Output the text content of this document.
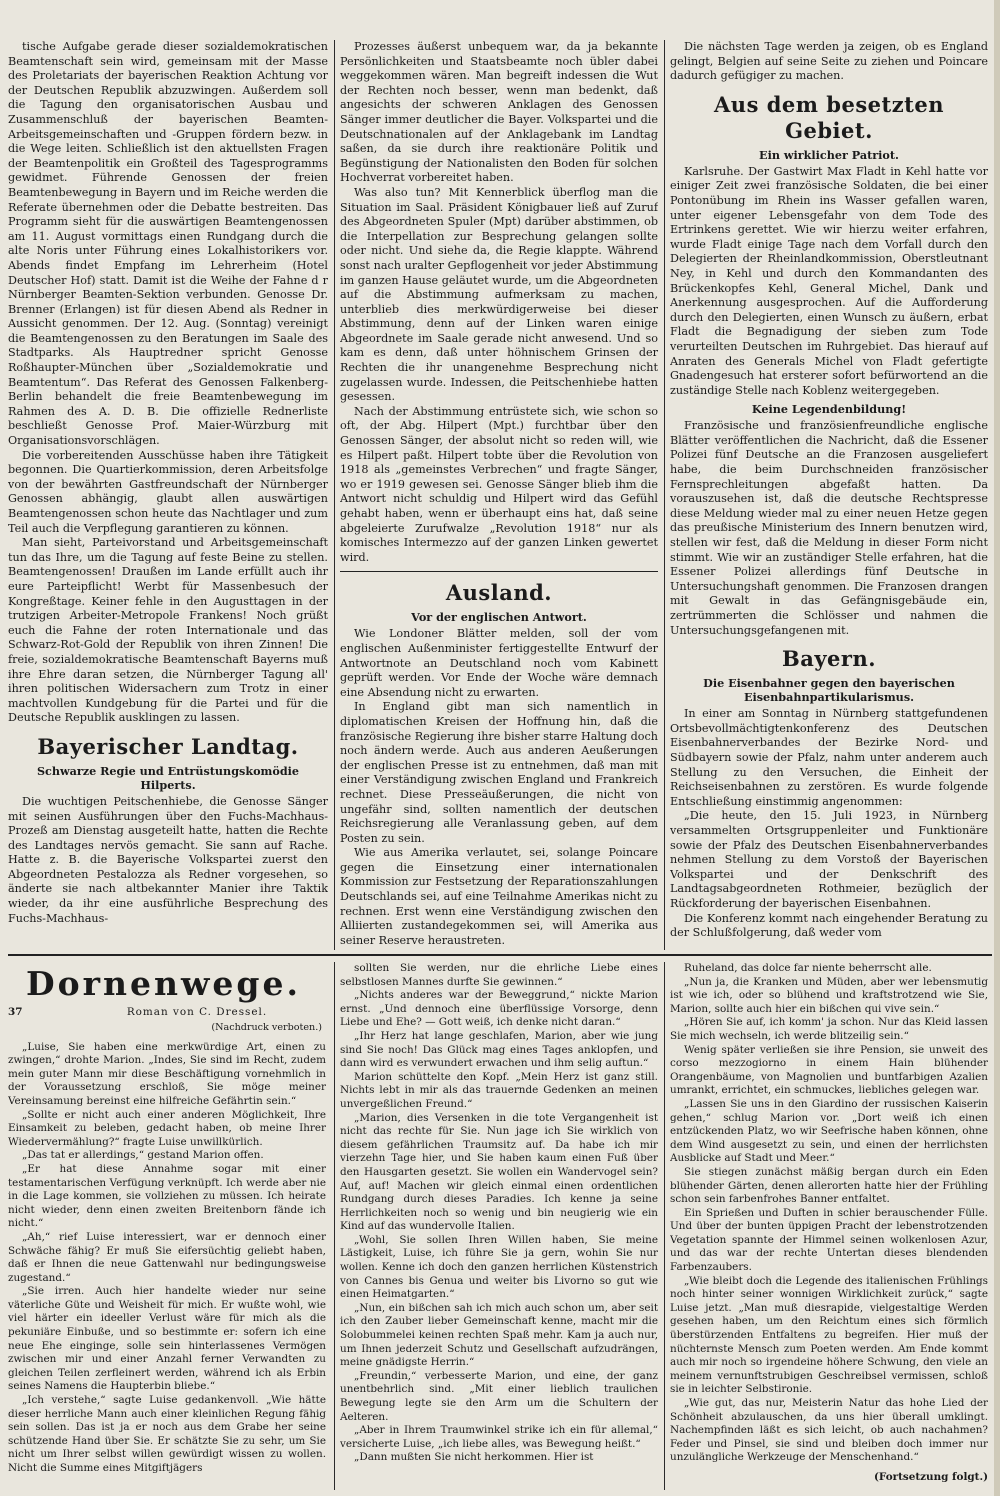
tische Aufgabe gerade dieser sozialdemokratischen Beamtenschaft sein wird, gemeinsam mit der Masse des Proletariats der bayerischen Reaktion Achtung vor der Deutschen Republik abzuzwingen. Außerdem soll die Tagung den organisatorischen Ausbau und Zusammenschluß der bayerischen Beamten-Arbeitsgemeinschaften und -Gruppen fördern bezw. in die Wege leiten. Schließlich ist den aktuellsten Fragen der Beamtenpolitik ein Großteil des Tagesprogramms gewidmet. Führende Genossen der freien Beamtenbewegung in Bayern und im Reiche werden die Referate übernehmen oder die Debatte bestreiten. Das Programm sieht für die auswärtigen Beamtengenossen am 11. August vormittags einen Rundgang durch die alte Noris unter Führung eines Lokalhistorikers vor. Abends findet Empfang im Lehrerheim (Hotel Deutscher Hof) statt. Damit ist die Weihe der Fahne d r Nürnberger Beamten-Sektion verbunden. Genosse Dr. Brenner (Erlangen) ist für diesen Abend als Redner in Aussicht genommen. Der 12. Aug. (Sonntag) vereinigt die Beamtengenossen zu den Beratungen im Saale des Stadtparks. Als Hauptredner spricht Genosse Roßhaupter-München über „Sozialdemokratie und Beamtentum“. Das Referat des Genossen Falkenberg-Berlin behandelt die freie Beamtenbewegung im Rahmen des A. D. B. Die offizielle Rednerliste beschließt Genosse Prof. Maier-Würzburg mit Organisationsvorschlägen.

Die vorbereitenden Ausschüsse haben ihre Tätigkeit begonnen. Die Quartierkommission, deren Arbeitsfolge von der bewährten Gastfreundschaft der Nürnberger Genossen abhängig, glaubt allen auswärtigen Beamtengenossen schon heute das Nachtlager und zum Teil auch die Verpflegung garantieren zu können.

Man sieht, Parteivorstand und Arbeitsgemeinschaft tun das Ihre, um die Tagung auf feste Beine zu stellen. Beamtengenossen! Draußen im Lande erfüllt auch ihr eure Parteipflicht! Werbt für Massenbesuch der Kongreßtage. Keiner fehle in den Augusttagen in der trutzigen Arbeiter-Metropole Frankens! Noch grüßt euch die Fahne der roten Internationale und das Schwarz-Rot-Gold der Republik von ihren Zinnen! Die freie, sozialdemokratische Beamtenschaft Bayerns muß ihre Ehre daran setzen, die Nürnberger Tagung all' ihren politischen Widersachern zum Trotz in einer machtvollen Kundgebung für die Partei und für die Deutsche Republik ausklingen zu lassen.

Bayerischer Landtag.
Schwarze Regie und Entrüstungskomödie Hilperts.

Die wuchtigen Peitschenhiebe, die Genosse Sänger mit seinen Ausführungen über den Fuchs-Machhaus-Prozeß am Dienstag ausgeteilt hatte, hatten die Rechte des Landtages nervös gemacht. Sie sann auf Rache. Hatte z. B. die Bayerische Volkspartei zuerst den Abgeordneten Pestalozza als Redner vorgesehen, so änderte sie nach altbekannter Manier ihre Taktik wieder, da ihr eine ausführliche Besprechung des Fuchs-Machhaus-

Prozesses äußerst unbequem war, da ja bekannte Persönlichkeiten und Staatsbeamte noch übler dabei weggekommen wären. Man begreift indessen die Wut der Rechten noch besser, wenn man bedenkt, daß angesichts der schweren Anklagen des Genossen Sänger immer deutlicher die Bayer. Volkspartei und die Deutschnationalen auf der Anklagebank im Landtag saßen, da sie durch ihre reaktionäre Politik und Begünstigung der Nationalisten den Boden für solchen Hochverrat vorbereitet haben.

Was also tun? Mit Kennerblick überflog man die Situation im Saal. Präsident Königbauer ließ auf Zuruf des Abgeordneten Spuler (Mpt) darüber abstimmen, ob die Interpellation zur Besprechung gelangen sollte oder nicht. Und siehe da, die Regie klappte. Während sonst nach uralter Gepflogenheit vor jeder Abstimmung im ganzen Hause geläutet wurde, um die Abgeordneten auf die Abstimmung aufmerksam zu machen, unterblieb dies merkwürdigerweise bei dieser Abstimmung, denn auf der Linken waren einige Abgeordnete im Saale gerade nicht anwesend. Und so kam es denn, daß unter höhnischem Grinsen der Rechten die ihr unangenehme Besprechung nicht zugelassen wurde. Indessen, die Peitschenhiebe hatten gesessen.

Nach der Abstimmung entrüstete sich, wie schon so oft, der Abg. Hilpert (Mpt.) furchtbar über den Genossen Sänger, der absolut nicht so reden will, wie es Hilpert paßt. Hilpert tobte über die Revolution von 1918 als „gemeinstes Verbrechen“ und fragte Sänger, wo er 1919 gewesen sei. Genosse Sänger blieb ihm die Antwort nicht schuldig und Hilpert wird das Gefühl gehabt haben, wenn er überhaupt eins hat, daß seine abgeleierte Zurufwalze „Revolution 1918“ nur als komisches Intermezzo auf der ganzen Linken gewertet wird.

Ausland.
Vor der englischen Antwort.

Wie Londoner Blätter melden, soll der vom englischen Außenminister fertiggestellte Entwurf der Antwortnote an Deutschland noch vom Kabinett geprüft werden. Vor Ende der Woche wäre demnach eine Absendung nicht zu erwarten.

In England gibt man sich namentlich in diplomatischen Kreisen der Hoffnung hin, daß die französische Regierung ihre bisher starre Haltung doch noch ändern werde. Auch aus anderen Aeußerungen der englischen Presse ist zu entnehmen, daß man mit einer Verständigung zwischen England und Frankreich rechnet. Diese Presseäußerungen, die nicht von ungefähr sind, sollten namentlich der deutschen Reichsregierung alle Veranlassung geben, auf dem Posten zu sein.

Wie aus Amerika verlautet, sei, solange Poincare gegen die Einsetzung einer internationalen Kommission zur Festsetzung der Reparationszahlungen Deutschlands sei, auf eine Teilnahme Amerikas nicht zu rechnen. Erst wenn eine Verständigung zwischen den Alliierten zustandegekommen sei, will Amerika aus seiner Reserve heraustreten.

Die nächsten Tage werden ja zeigen, ob es England gelingt, Belgien auf seine Seite zu ziehen und Poincare dadurch gefügiger zu machen.

Aus dem besetzten Gebiet.
Ein wirklicher Patriot.

Karlsruhe. Der Gastwirt Max Fladt in Kehl hatte vor einiger Zeit zwei französische Soldaten, die bei einer Pontonübung im Rhein ins Wasser gefallen waren, unter eigener Lebensgefahr von dem Tode des Ertrinkens gerettet. Wie wir hierzu weiter erfahren, wurde Fladt einige Tage nach dem Vorfall durch den Delegierten der Rheinlandkommission, Oberstleutnant Ney, in Kehl und durch den Kommandanten des Brückenkopfes Kehl, General Michel, Dank und Anerkennung ausgesprochen. Auf die Aufforderung durch den Delegierten, einen Wunsch zu äußern, erbat Fladt die Begnadigung der sieben zum Tode verurteilten Deutschen im Ruhrgebiet. Das hierauf auf Anraten des Generals Michel von Fladt gefertigte Gnadengesuch hat ersterer sofort befürwortend an die zuständige Stelle nach Koblenz weitergegeben.

Keine Legendenbildung!

Französische und französienfreundliche englische Blätter veröffentlichen die Nachricht, daß die Essener Polizei fünf Deutsche an die Franzosen ausgeliefert habe, die beim Durchschneiden französischer Fernsprechleitungen abgefaßt hatten. Da vorauszusehen ist, daß die deutsche Rechtspresse diese Meldung wieder mal zu einer neuen Hetze gegen das preußische Ministerium des Innern benutzen wird, stellen wir fest, daß die Meldung in dieser Form nicht stimmt. Wie wir an zuständiger Stelle erfahren, hat die Essener Polizei allerdings fünf Deutsche in Untersuchungshaft genommen. Die Franzosen drangen mit Gewalt in das Gefängnisgebäude ein, zertrümmerten die Schlösser und nahmen die Untersuchungsgefangenen mit.

Bayern.
Die Eisenbahner gegen den bayerischen Eisenbahnpartikularismus.

In einer am Sonntag in Nürnberg stattgefundenen Ortsbevollmächtigtenkonferenz des Deutschen Eisenbahnerverbandes der Bezirke Nord- und Südbayern sowie der Pfalz, nahm unter anderem auch Stellung zu den Versuchen, die Einheit der Reichseisenbahnen zu zerstören. Es wurde folgende Entschließung einstimmig angenommen:

„Die heute, den 15. Juli 1923, in Nürnberg versammelten Ortsgruppenleiter und Funktionäre sowie der Pfalz des Deutschen Eisenbahnerverbandes nehmen Stellung zu dem Vorstoß der Bayerischen Volkspartei und der Denkschrift des Landtagsabgeordneten Rothmeier, bezüglich der Rückforderung der bayerischen Eisenbahnen.

Die Konferenz kommt nach eingehender Beratung zu der Schlußfolgerung, daß weder vom

Dornenwege.
37	Roman von C. Dressel.
(Nachdruck verboten.)

„Luise, Sie haben eine merkwürdige Art, einen zu zwingen,“ drohte Marion. „Indes, Sie sind im Recht, zudem mein guter Mann mir diese Beschäftigung vornehmlich in der Voraussetzung erschloß, Sie möge meiner Vereinsamung bereinst eine hilfreiche Gefährtin sein.“

„Sollte er nicht auch einer anderen Möglichkeit, Ihre Einsamkeit zu beleben, gedacht haben, ob meine Ihrer Wiedervermählung?“ fragte Luise unwillkürlich.

„Das tat er allerdings,“ gestand Marion offen.

„Er hat diese Annahme sogar mit einer testamentarischen Verfügung verknüpft. Ich werde aber nie in die Lage kommen, sie vollziehen zu müssen. Ich heirate nicht wieder, denn einen zweiten Breitenborn fände ich nicht.“

„Ah,“ rief Luise interessiert, war er dennoch einer Schwäche fähig? Er muß Sie eifersüchtig geliebt haben, daß er Ihnen die neue Gattenwahl nur bedingungsweise zugestand.“

„Sie irren. Auch hier handelte wieder nur seine väterliche Güte und Weisheit für mich. Er wußte wohl, wie viel härter ein ideeller Verlust wäre für mich als die pekuniäre Einbuße, und so bestimmte er: sofern ich eine neue Ehe einginge, solle sein hinterlassenes Vermögen zwischen mir und einer Anzahl ferner Verwandten zu gleichen Teilen zerfleinert werden, während ich als Erbin seines Namens die Haupterbin bliebe.“

„Ich verstehe,“ sagte Luise gedankenvoll. „Wie hätte dieser herrliche Mann auch einer kleinlichen Regung fähig sein sollen. Das ist ja er noch aus dem Grabe her seine schützende Hand über Sie. Er schätzte Sie zu sehr, um Sie nicht um Ihrer selbst willen gewürdigt wissen zu wollen. Nicht die Summe eines Mitgiftjägers

sollten Sie werden, nur die ehrliche Liebe eines selbstlosen Mannes durfte Sie gewinnen.“

„Nichts anderes war der Beweggrund,“ nickte Marion ernst. „Und dennoch eine überflüssige Vorsorge, denn Liebe und Ehe? — Gott weiß, ich denke nicht daran.“

„Ihr Herz hat lange geschlafen, Marion, aber wie jung sind Sie noch! Das Glück mag eines Tages anklopfen, und dann wird es verwundert erwachen und ihm selig auftun.“

Marion schüttelte den Kopf. „Mein Herz ist ganz still. Nichts lebt in mir als das trauernde Gedenken an meinen unvergeßlichen Freund.“

„Marion, dies Versenken in die tote Vergangenheit ist nicht das rechte für Sie. Nun jage ich Sie wirklich von diesem gefährlichen Traumsitz auf. Da habe ich mir vierzehn Tage hier, und Sie haben kaum einen Fuß über den Hausgarten gesetzt. Sie wollen ein Wandervogel sein? Auf, auf! Machen wir gleich einmal einen ordentlichen Rundgang durch dieses Paradies. Ich kenne ja seine Herrlichkeiten noch so wenig und bin neugierig wie ein Kind auf das wundervolle Italien.

„Wohl, Sie sollen Ihren Willen haben, Sie meine Lästigkeit, Luise, ich führe Sie ja gern, wohin Sie nur wollen. Kenne ich doch den ganzen herrlichen Küstenstrich von Cannes bis Genua und weiter bis Livorno so gut wie einen Heimatgarten.“

„Nun, ein bißchen sah ich mich auch schon um, aber seit ich den Zauber lieber Gemeinschaft kenne, macht mir die Solobummelei keinen rechten Spaß mehr. Kam ja auch nur, um Ihnen jederzeit Schutz und Gesellschaft aufzudrängen, meine gnädigste Herrin.“

„Freundin,“ verbesserte Marion, und eine, der ganz unentbehrlich sind. „Mit einer lieblich traulichen Bewegung legte sie den Arm um die Schultern der Aelteren.

„Aber in Ihrem Traumwinkel strike ich ein für allemal,“ versicherte Luise, „ich liebe alles, was Bewegung heißt.“

„Dann mußten Sie nicht herkommen. Hier ist

Ruheland, das dolce far niente beherrscht alle.

„Nun ja, die Kranken und Müden, aber wer lebensmutig ist wie ich, oder so blühend und kraftstrotzend wie Sie, Marion, sollte auch hier ein bißchen qui vive sein.“

„Hören Sie auf, ich komm' ja schon. Nur das Kleid lassen Sie mich wechseln, ich werde blitzeilig sein.“

Wenig später verließen sie ihre Pension, sie unweit des corso mezzogiorno in einem Hain blühender Orangenbäume, von Magnolien und buntfarbigen Azalien umrankt, errichtet, ein schmuckes, liebliches gelegen war.

„Lassen Sie uns in den Giardino der russischen Kaiserin gehen,“ schlug Marion vor. „Dort weiß ich einen entzückenden Platz, wo wir Seefrische haben können, ohne dem Wind ausgesetzt zu sein, und einen der herrlichsten Ausblicke auf Stadt und Meer.“

Sie stiegen zunächst mäßig bergan durch ein Eden blühender Gärten, denen allerorten hatte hier der Frühling schon sein farbenfrohes Banner entfaltet.

Ein Sprießen und Duften in schier berauschender Fülle. Und über der bunten üppigen Pracht der lebenstrotzenden Vegetation spannte der Himmel seinen wolkenlosen Azur, und das war der rechte Untertan dieses blendenden Farbenzaubers.

„Wie bleibt doch die Legende des italienischen Frühlings noch hinter seiner wonnigen Wirklichkeit zurück,“ sagte Luise jetzt. „Man muß diesrapide, vielgestaltige Werden gesehen haben, um den Reichtum eines sich förmlich überstürzenden Entfaltens zu begreifen. Hier muß der nüchternste Mensch zum Poeten werden. Am Ende kommt auch mir noch so irgendeine höhere Schwung, den viele an meinem vernunftstrubigen Geschreibsel vermissen, schloß sie in leichter Selbstironie.

„Wie gut, das nur, Meisterin Natur das hohe Lied der Schönheit abzulauschen, da uns hier überall umklingt. Nachempfinden läßt es sich leicht, ob auch nachahmen? Feder und Pinsel, sie sind und bleiben doch immer nur unzulängliche Werkzeuge der Menschenhand.“

(Fortsetzung folgt.)
